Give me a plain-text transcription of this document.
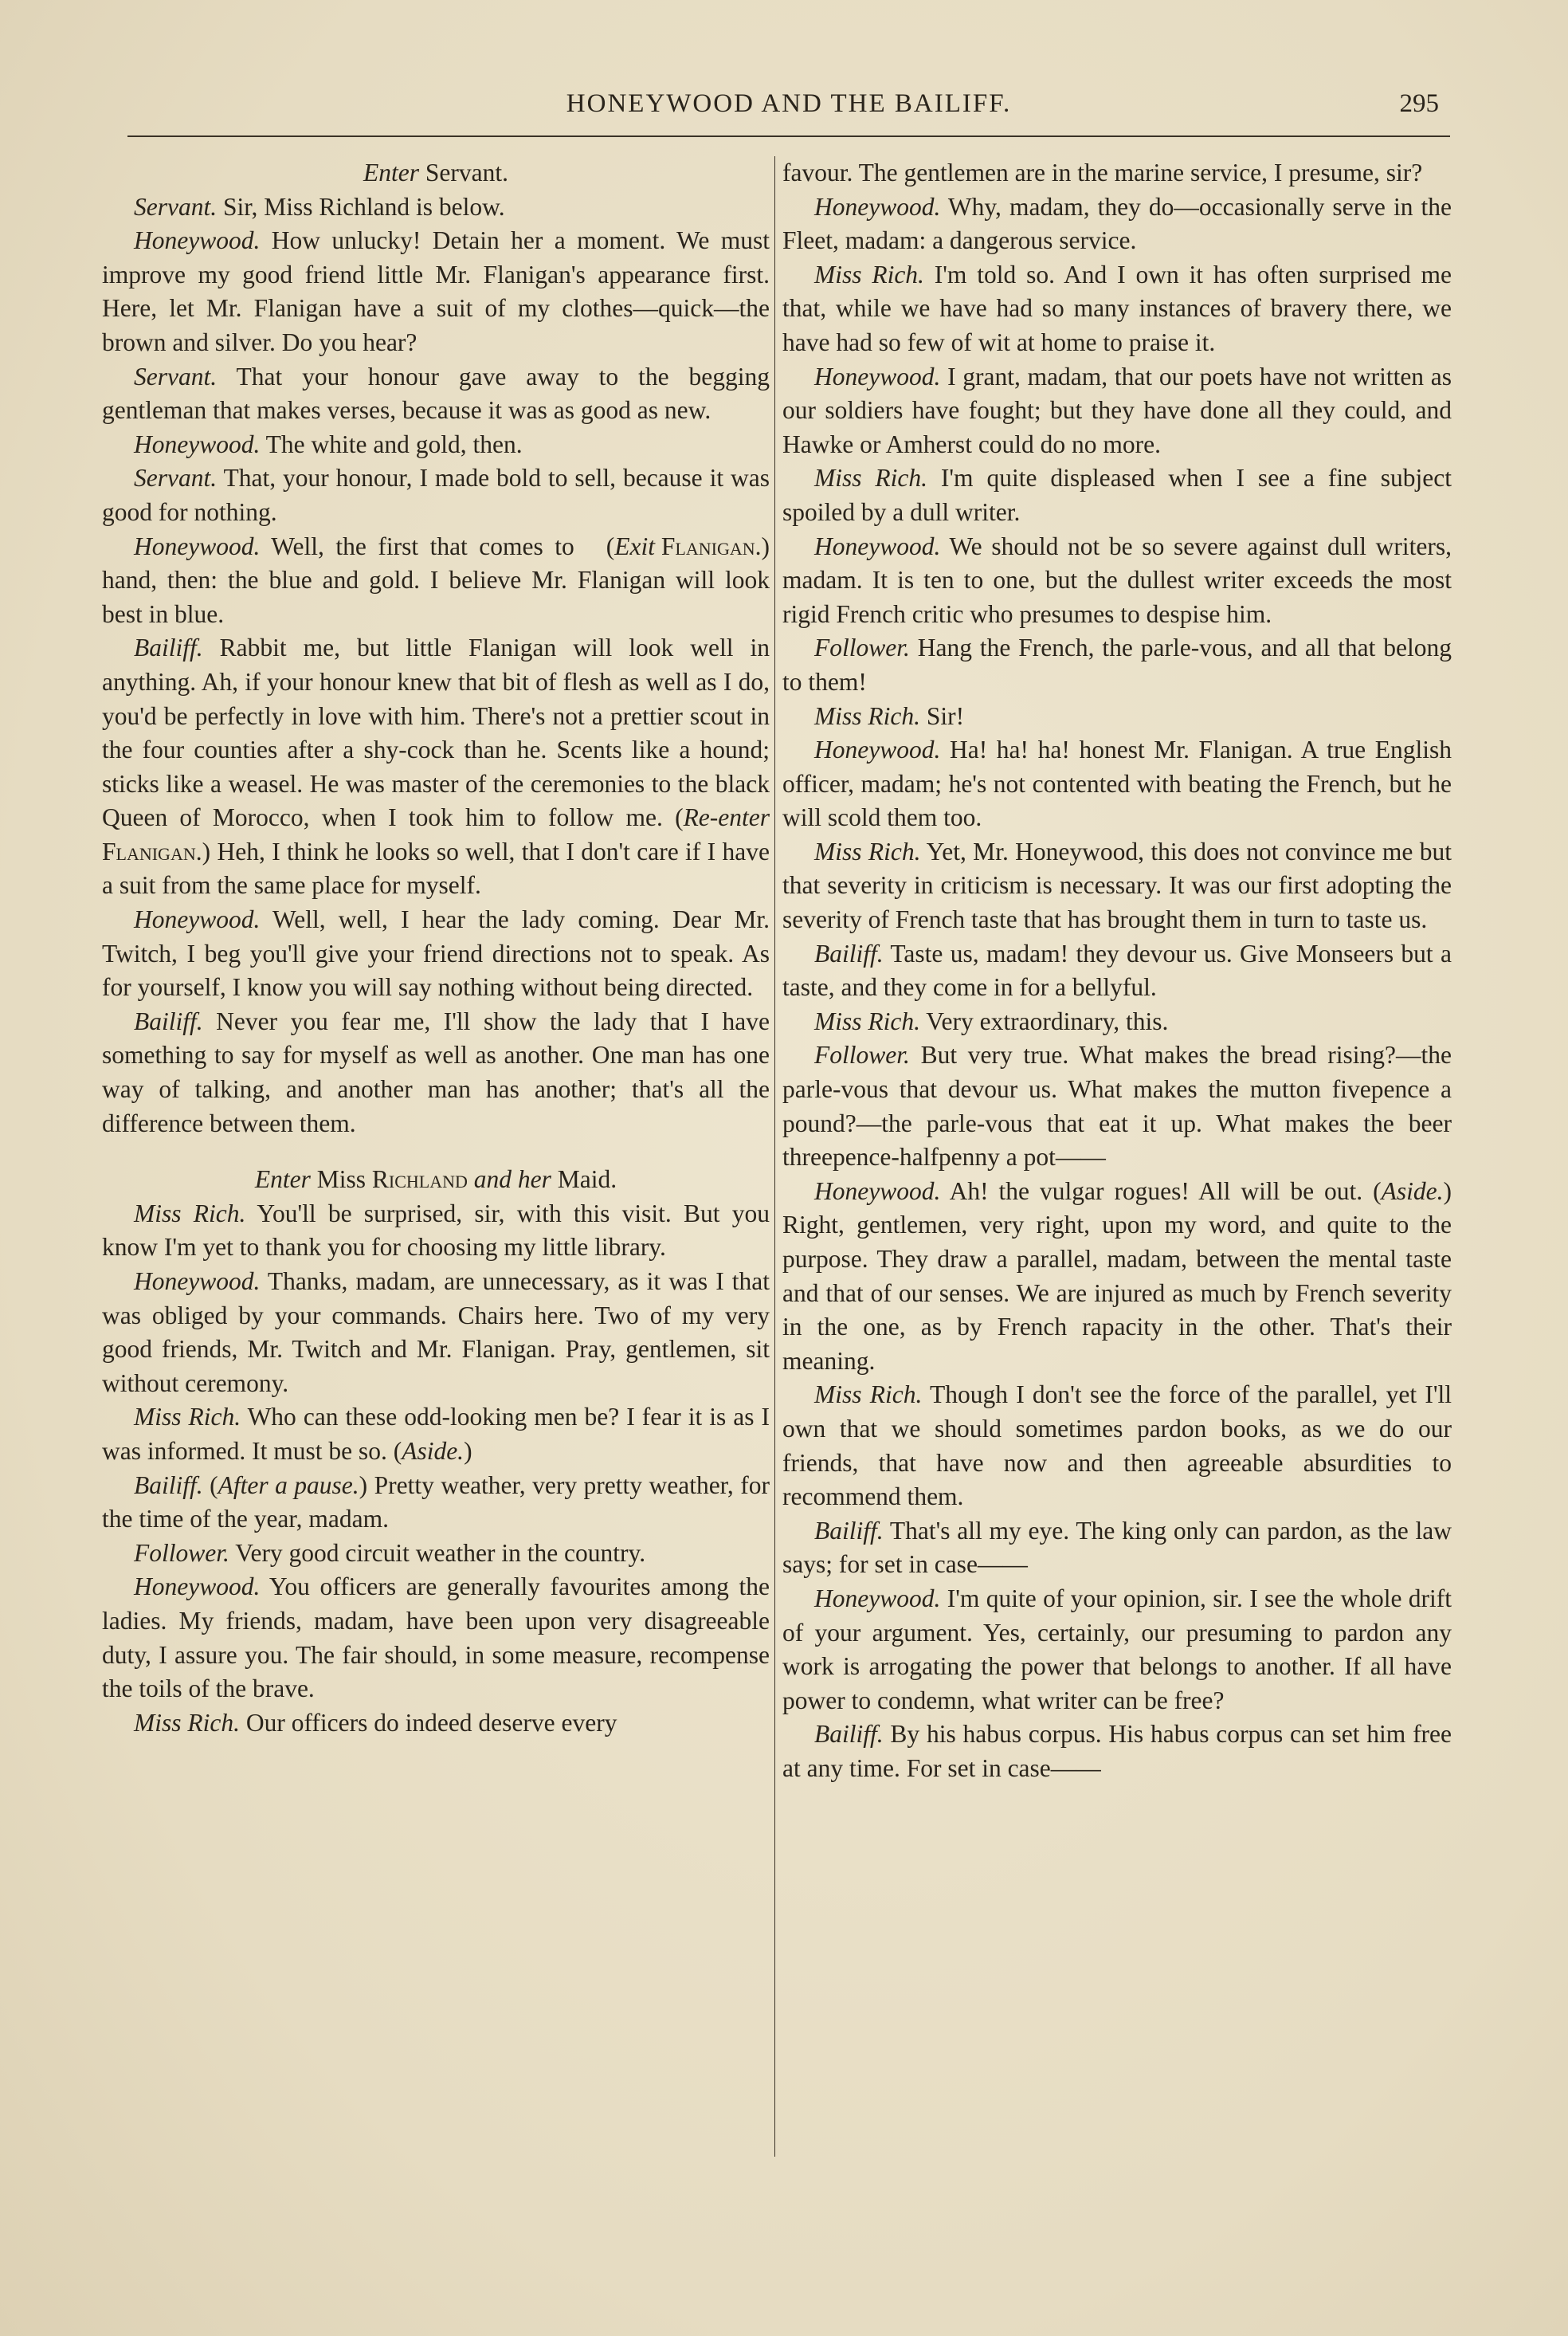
HONEYWOOD AND THE BAILIFF.	295

Enter Servant.

Servant. Sir, Miss Richland is below.

Honeywood. How unlucky! Detain her a moment. We must improve my good friend little Mr. Flanigan's appearance first. Here, let Mr. Flanigan have a suit of my clothes—quick—the brown and silver. Do you hear?

Servant. That your honour gave away to the begging gentleman that makes verses, because it was as good as new.

Honeywood. The white and gold, then.

Servant. That, your honour, I made bold to sell, because it was good for nothing.

(Exit Flanigan.)
Honeywood. Well, the first that comes to hand, then: the blue and gold. I believe Mr. Flanigan will look best in blue.

Bailiff. Rabbit me, but little Flanigan will look well in anything. Ah, if your honour knew that bit of flesh as well as I do, you'd be perfectly in love with him. There's not a prettier scout in the four counties after a shy-cock than he. Scents like a hound; sticks like a weasel. He was master of the ceremonies to the black Queen of Morocco, when I took him to follow me. (Re-enter Flanigan.) Heh, I think he looks so well, that I don't care if I have a suit from the same place for myself.

Honeywood. Well, well, I hear the lady coming. Dear Mr. Twitch, I beg you'll give your friend directions not to speak. As for yourself, I know you will say nothing without being directed.

Bailiff. Never you fear me, I'll show the lady that I have something to say for myself as well as another. One man has one way of talking, and another man has another; that's all the difference between them.

Enter Miss Richland and her Maid.

Miss Rich. You'll be surprised, sir, with this visit. But you know I'm yet to thank you for choosing my little library.

Honeywood. Thanks, madam, are unnecessary, as it was I that was obliged by your commands. Chairs here. Two of my very good friends, Mr. Twitch and Mr. Flanigan. Pray, gentlemen, sit without ceremony.

Miss Rich. Who can these odd-looking men be? I fear it is as I was informed. It must be so. (Aside.)

Bailiff. (After a pause.) Pretty weather, very pretty weather, for the time of the year, madam.

Follower. Very good circuit weather in the country.

Honeywood. You officers are generally favourites among the ladies. My friends, madam, have been upon very disagreeable duty, I assure you. The fair should, in some measure, recompense the toils of the brave.

Miss Rich. Our officers do indeed deserve every

favour. The gentlemen are in the marine service, I presume, sir?

Honeywood. Why, madam, they do—occasionally serve in the Fleet, madam: a dangerous service.

Miss Rich. I'm told so. And I own it has often surprised me that, while we have had so many instances of bravery there, we have had so few of wit at home to praise it.

Honeywood. I grant, madam, that our poets have not written as our soldiers have fought; but they have done all they could, and Hawke or Amherst could do no more.

Miss Rich. I'm quite displeased when I see a fine subject spoiled by a dull writer.

Honeywood. We should not be so severe against dull writers, madam. It is ten to one, but the dullest writer exceeds the most rigid French critic who presumes to despise him.

Follower. Hang the French, the parle-vous, and all that belong to them!

Miss Rich. Sir!

Honeywood. Ha! ha! ha! honest Mr. Flanigan. A true English officer, madam; he's not contented with beating the French, but he will scold them too.

Miss Rich. Yet, Mr. Honeywood, this does not convince me but that severity in criticism is necessary. It was our first adopting the severity of French taste that has brought them in turn to taste us.

Bailiff. Taste us, madam! they devour us. Give Monseers but a taste, and they come in for a bellyful.

Miss Rich. Very extraordinary, this.

Follower. But very true. What makes the bread rising?—the parle-vous that devour us. What makes the mutton fivepence a pound?—the parle-vous that eat it up. What makes the beer threepence-halfpenny a pot——

Honeywood. Ah! the vulgar rogues! All will be out. (Aside.) Right, gentlemen, very right, upon my word, and quite to the purpose. They draw a parallel, madam, between the mental taste and that of our senses. We are injured as much by French severity in the one, as by French rapacity in the other. That's their meaning.

Miss Rich. Though I don't see the force of the parallel, yet I'll own that we should sometimes pardon books, as we do our friends, that have now and then agreeable absurdities to recommend them.

Bailiff. That's all my eye. The king only can pardon, as the law says; for set in case——

Honeywood. I'm quite of your opinion, sir. I see the whole drift of your argument. Yes, certainly, our presuming to pardon any work is arrogating the power that belongs to another. If all have power to condemn, what writer can be free?

Bailiff. By his habus corpus. His habus corpus can set him free at any time. For set in case——
